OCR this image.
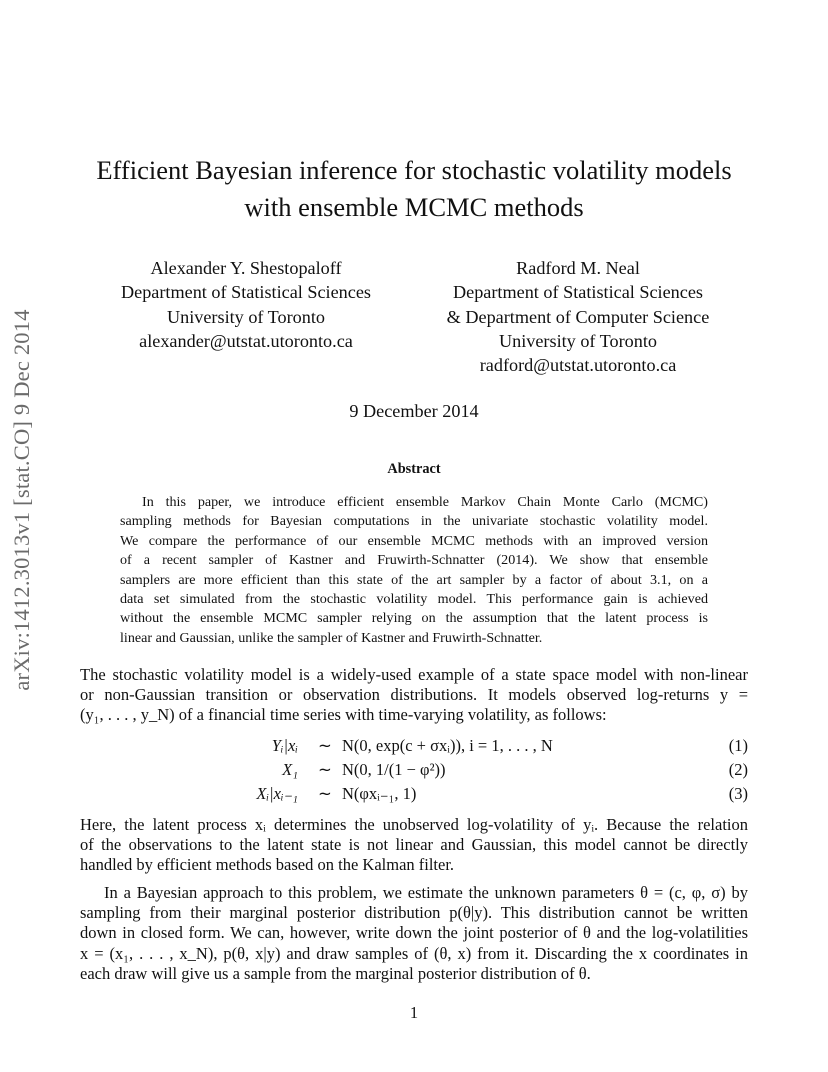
arXiv:1412.3013v1 [stat.CO] 9 Dec 2014
Efficient Bayesian inference for stochastic volatility models
with ensemble MCMC methods
Alexander Y. Shestopaloff
Department of Statistical Sciences
University of Toronto
alexander@utstat.utoronto.ca
Radford M. Neal
Department of Statistical Sciences
& Department of Computer Science
University of Toronto
radford@utstat.utoronto.ca
9 December 2014
Abstract
In this paper, we introduce efficient ensemble Markov Chain Monte Carlo (MCMC)
sampling methods for Bayesian computations in the univariate stochastic volatility model.
We compare the performance of our ensemble MCMC methods with an improved version
of a recent sampler of Kastner and Fruwirth-Schnatter (2014). We show that ensemble
samplers are more efficient than this state of the art sampler by a factor of about 3.1, on a
data set simulated from the stochastic volatility model. This performance gain is achieved
without the ensemble MCMC sampler relying on the assumption that the latent process is
linear and Gaussian, unlike the sampler of Kastner and Fruwirth-Schnatter.
The stochastic volatility model is a widely-used example of a state space model with non-linear
or non-Gaussian transition or observation distributions. It models observed log-returns y =
(y₁, . . . , y_N) of a financial time series with time-varying volatility, as follows:
Yᵢ|xᵢ ∼ N(0, exp(c + σxᵢ)), i = 1, . . . , N	(1)
X₁ ∼ N(0, 1/(1 − φ²))	(2)
Xᵢ|xᵢ₋₁ ∼ N(φxᵢ₋₁, 1)	(3)
Here, the latent process xᵢ determines the unobserved log-volatility of yᵢ. Because the relation
of the observations to the latent state is not linear and Gaussian, this model cannot be directly
handled by efficient methods based on the Kalman filter.
In a Bayesian approach to this problem, we estimate the unknown parameters θ = (c, φ, σ) by
sampling from their marginal posterior distribution p(θ|y). This distribution cannot be written
down in closed form. We can, however, write down the joint posterior of θ and the log-volatilities
x = (x₁, . . . , x_N), p(θ, x|y) and draw samples of (θ, x) from it. Discarding the x coordinates in
each draw will give us a sample from the marginal posterior distribution of θ.
1
